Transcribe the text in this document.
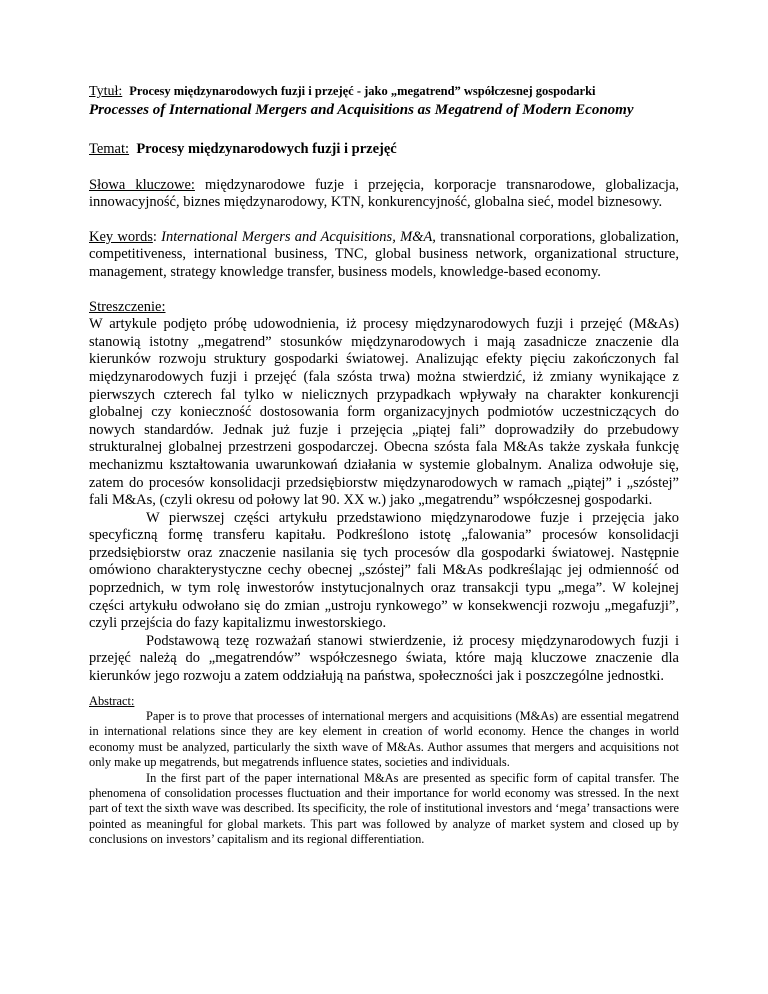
Tytuł: Procesy międzynarodowych fuzji i przejęć - jako „megatrend” współczesnej gospodarki

Processes of International Mergers and Acquisitions as Megatrend of Modern Economy

Temat: Procesy międzynarodowych fuzji i przejęć

Słowa kluczowe: międzynarodowe fuzje i przejęcia, korporacje transnarodowe, globalizacja, innowacyjność, biznes międzynarodowy, KTN, konkurencyjność, globalna sieć, model biznesowy.

Key words: International Mergers and Acquisitions, M&A, transnational corporations, globalization, competitiveness, international business, TNC, global business network, organizational structure, management, strategy knowledge transfer, business models, knowledge-based economy.

Streszczenie:

W artykule podjęto próbę udowodnienia, iż procesy międzynarodowych fuzji i przejęć (M&As) stanowią istotny „megatrend” stosunków międzynarodowych i mają zasadnicze znaczenie dla kierunków rozwoju struktury gospodarki światowej. Analizując efekty pięciu zakończonych fal międzynarodowych fuzji i przejęć (fala szósta trwa) można stwierdzić, iż zmiany wynikające z pierwszych czterech fal tylko w nielicznych przypadkach wpływały na charakter konkurencji globalnej czy konieczność dostosowania form organizacyjnych podmiotów uczestniczących do nowych standardów. Jednak już fuzje i przejęcia „piątej fali” doprowadziły do przebudowy strukturalnej globalnej przestrzeni gospodarczej. Obecna szósta fala M&As także zyskała funkcję mechanizmu kształtowania uwarunkowań działania w systemie globalnym. Analiza odwołuje się, zatem do procesów konsolidacji przedsiębiorstw międzynarodowych w ramach „piątej” i „szóstej” fali M&As, (czyli okresu od połowy lat 90. XX w.) jako „megatrendu” współczesnej gospodarki.

W pierwszej części artykułu przedstawiono międzynarodowe fuzje i przejęcia jako specyficzną formę transferu kapitału. Podkreślono istotę „falowania” procesów konsolidacji przedsiębiorstw oraz znaczenie nasilania się tych procesów dla gospodarki światowej. Następnie omówiono charakterystyczne cechy obecnej „szóstej” fali M&As podkreślając jej odmienność od poprzednich, w tym rolę inwestorów instytucjonalnych oraz transakcji typu „mega”. W kolejnej części artykułu odwołano się do zmian „ustroju rynkowego” w konsekwencji rozwoju „megafuzji”, czyli przejścia do fazy kapitalizmu inwestorskiego.

Podstawową tezę rozważań stanowi stwierdzenie, iż procesy międzynarodowych fuzji i przejęć należą do „megatrendów” współczesnego świata, które mają kluczowe znaczenie dla kierunków jego rozwoju a zatem oddziałują na państwa, społeczności jak i poszczególne jednostki.

Abstract:

Paper is to prove that processes of international mergers and acquisitions (M&As) are essential megatrend in international relations since they are key element in creation of world economy. Hence the changes in world economy must be analyzed, particularly the sixth wave of M&As. Author assumes that mergers and acquisitions not only make up megatrends, but megatrends influence states, societies and individuals.

In the first part of the paper international M&As are presented as specific form of capital transfer. The phenomena of consolidation processes fluctuation and their importance for world economy was stressed. In the next part of text the sixth wave was described. Its specificity, the role of institutional investors and ‘mega’ transactions were pointed as meaningful for global markets. This part was followed by analyze of market system and closed up by conclusions on investors’ capitalism and its regional differentiation.
